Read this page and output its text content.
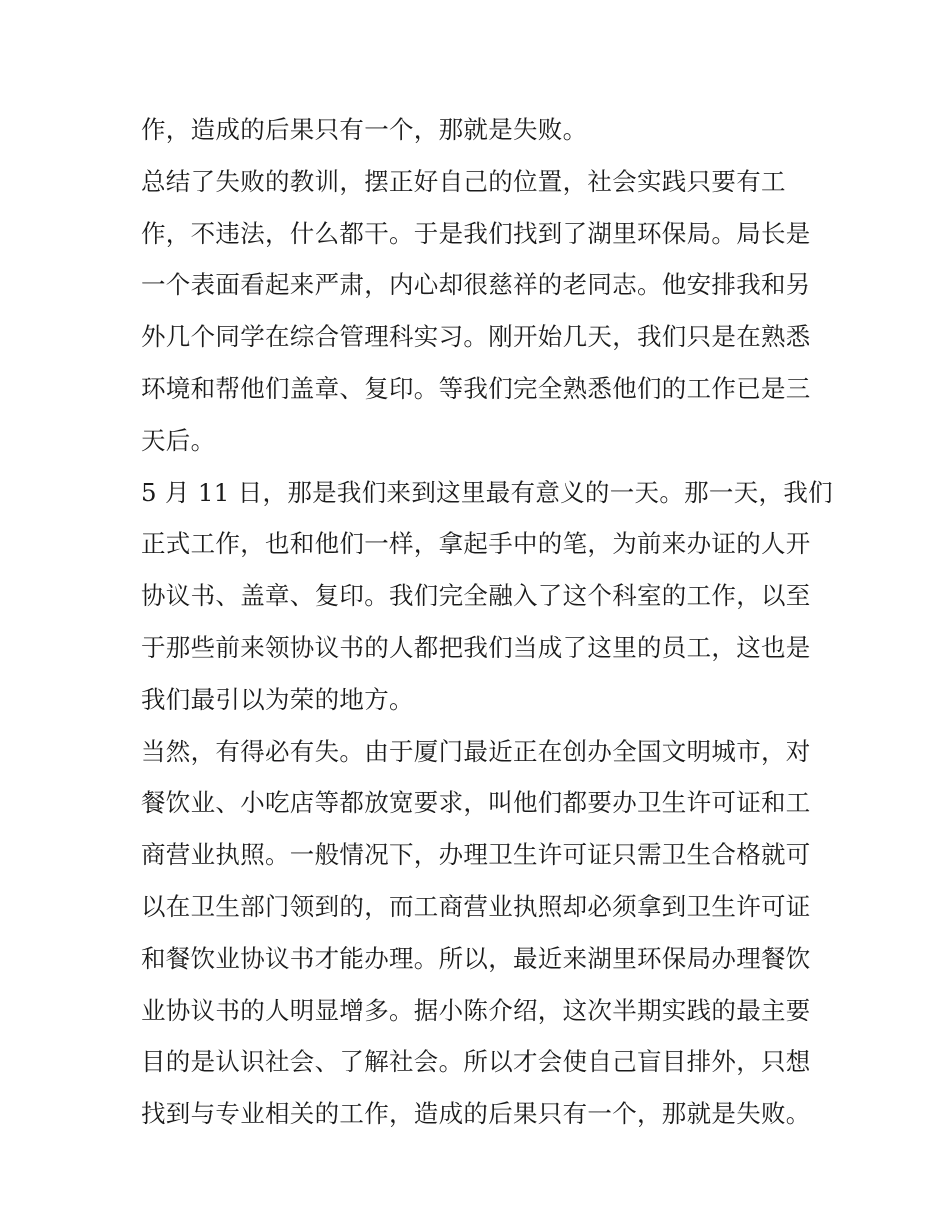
作，造成的后果只有一个，那就是失败。
总结了失败的教训，摆正好自己的位置，社会实践只要有工
作，不违法，什么都干。于是我们找到了湖里环保局。局长是
一个表面看起来严肃，内心却很慈祥的老同志。他安排我和另
外几个同学在综合管理科实习。刚开始几天，我们只是在熟悉
环境和帮他们盖章、复印。等我们完全熟悉他们的工作已是三
天后。
5 月 11 日，那是我们来到这里最有意义的一天。那一天，我们
正式工作，也和他们一样，拿起手中的笔，为前来办证的人开
协议书、盖章、复印。我们完全融入了这个科室的工作，以至
于那些前来领协议书的人都把我们当成了这里的员工，这也是
我们最引以为荣的地方。
当然，有得必有失。由于厦门最近正在创办全国文明城市，对
餐饮业、小吃店等都放宽要求，叫他们都要办卫生许可证和工
商营业执照。一般情况下，办理卫生许可证只需卫生合格就可
以在卫生部门领到的，而工商营业执照却必须拿到卫生许可证
和餐饮业协议书才能办理。所以，最近来湖里环保局办理餐饮
业协议书的人明显增多。据小陈介绍，这次半期实践的最主要
目的是认识社会、了解社会。所以才会使自己盲目排外，只想
找到与专业相关的工作，造成的后果只有一个，那就是失败。
